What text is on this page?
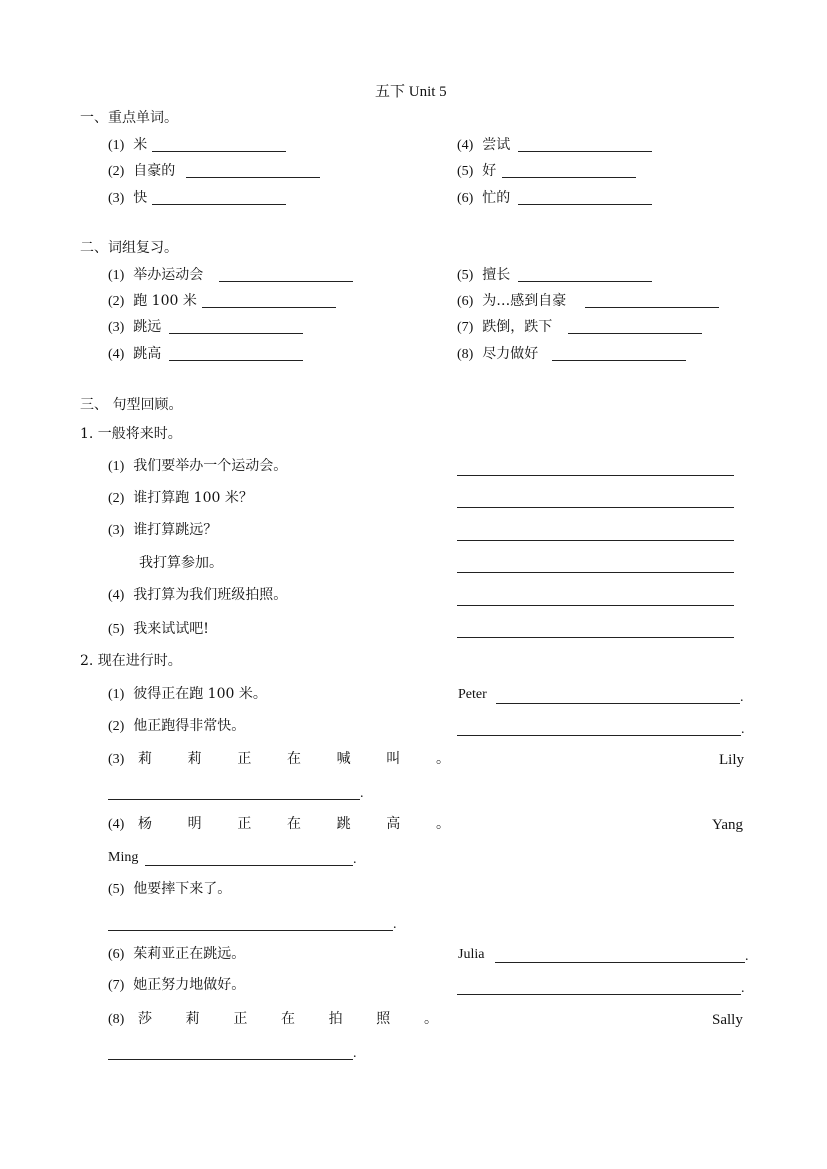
五下 Unit 5
一、重点单词。
(1) 米
(2) 自豪的
(3) 快
(4) 尝试
(5) 好
(6) 忙的
二、词组复习。
(1) 举办运动会
(2) 跑 100 米
(3) 跳远
(4) 跳高
(5) 擅长
(6) 为…感到自豪
(7) 跌倒，跌下
(8) 尽力做好
三、 句型回顾。
1. 一般将来时。
(1) 我们要举办一个运动会。
(2) 谁打算跑 100 米？
(3) 谁打算跳远？
我打算参加。
(4) 我打算为我们班级拍照。
(5) 我来试试吧!
2. 现在进行时。
(1) 彼得正在跑 100 米。	Peter	.
(2) 他正跑得非常快。	.
(3) 莉	莉	正	在	喊	叫	。	Lily
.
(4) 杨	明	正	在	跳	高	。	Yang
Ming	.
(5) 他要摔下来了。
.
(6) 茱莉亚正在跳远。	Julia	.
(7) 她正努力地做好。	.
(8) 莎 莉 正 在 拍 照 。	Sally
.
